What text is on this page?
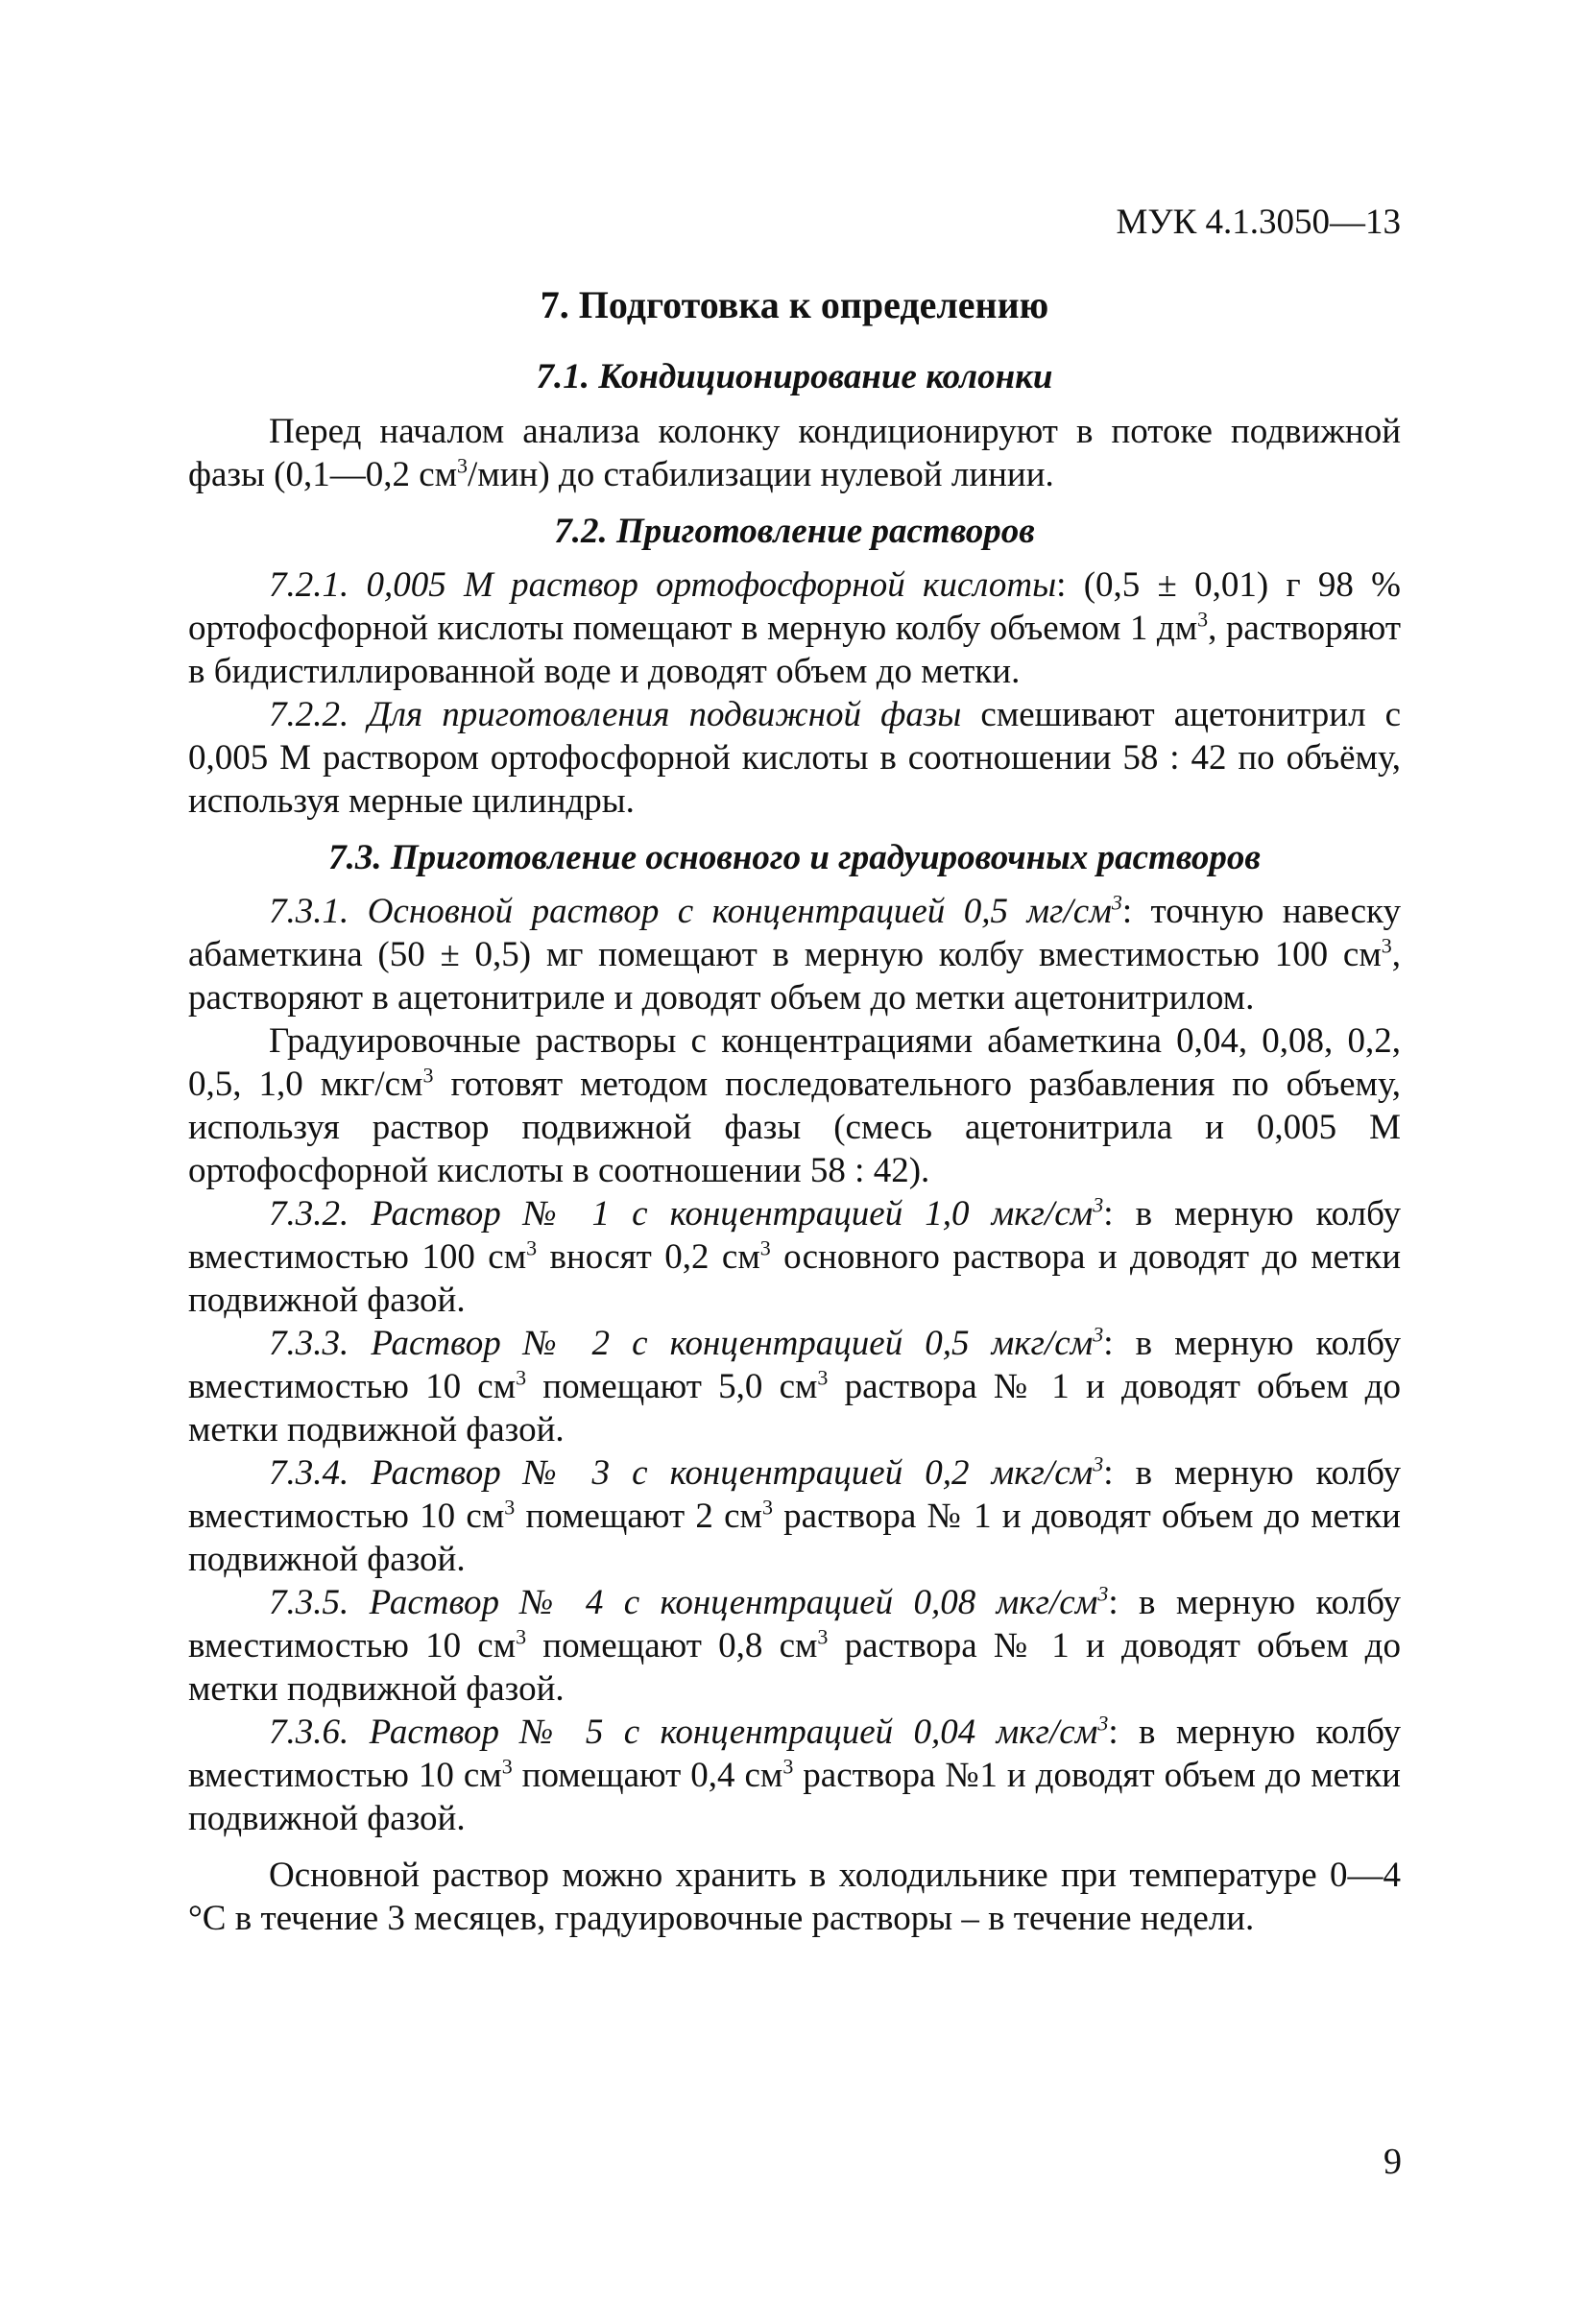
МУК 4.1.3050—13
7. Подготовка к определению
7.1. Кондиционирование колонки

Перед началом анализа колонку кондиционируют в потоке подвижной фазы (0,1—0,2 $см^3/мин$) до стабилизации нулевой линии.

7.2. Приготовление растворов

7.2.1. 0,005 М раствор ортофосфорной кислоты: (0,5 ± 0,01) г 98 % ортофосфорной кислоты помещают в мерную колбу объемом 1 $дм^3$, растворяют в бидистиллированной воде и доводят объем до метки.

7.2.2. Для приготовления подвижной фазы смешивают ацетонитрил с 0,005 М раствором ортофосфорной кислоты в соотношении 58 : 42 по объёму, используя мерные цилиндры.

7.3. Приготовление основного и градуировочных растворов

7.3.1. Основной раствор с концентрацией 0,5 $мг/см^3$: точную навеску абаметкина (50 ± 0,5) мг помещают в мерную колбу вместимостью 100 $см^3$, растворяют в ацетонитриле и доводят объем до метки ацетонитрилом.

Градуировочные растворы с концентрациями абаметкина 0,04, 0,08, 0,2, 0,5, 1,0 мкг/$см^3$ готовят методом последовательного разбавления по объему, используя раствор подвижной фазы (смесь ацетонитрила и 0,005 М ортофосфорной кислоты в соотношении 58 : 42).

7.3.2. Раствор № 1 с концентрацией 1,0 мкг/$см^3$: в мерную колбу вместимостью 100 $см^3$ вносят 0,2 $см^3$ основного раствора и доводят до метки подвижной фазой.

7.3.3. Раствор № 2 с концентрацией 0,5 мкг/$см^3$: в мерную колбу вместимостью 10 $см^3$ помещают 5,0 $см^3$ раствора № 1 и доводят объем до метки подвижной фазой.

7.3.4. Раствор № 3 с концентрацией 0,2 мкг/$см^3$: в мерную колбу вместимостью 10 $см^3$ помещают 2 $см^3$ раствора № 1 и доводят объем до метки подвижной фазой.

7.3.5. Раствор № 4 с концентрацией 0,08 мкг/$см^3$: в мерную колбу вместимостью 10 $см^3$ помещают 0,8 $см^3$ раствора № 1 и доводят объем до метки подвижной фазой.

7.3.6. Раствор № 5 с концентрацией 0,04 мкг/$см^3$: в мерную колбу вместимостью 10 $см^3$ помещают 0,4 $см^3$ раствора №1 и доводят объем до метки подвижной фазой.

Основной раствор можно хранить в холодильнике при температуре 0—4 °С в течение 3 месяцев, градуировочные растворы – в течение недели.

9
